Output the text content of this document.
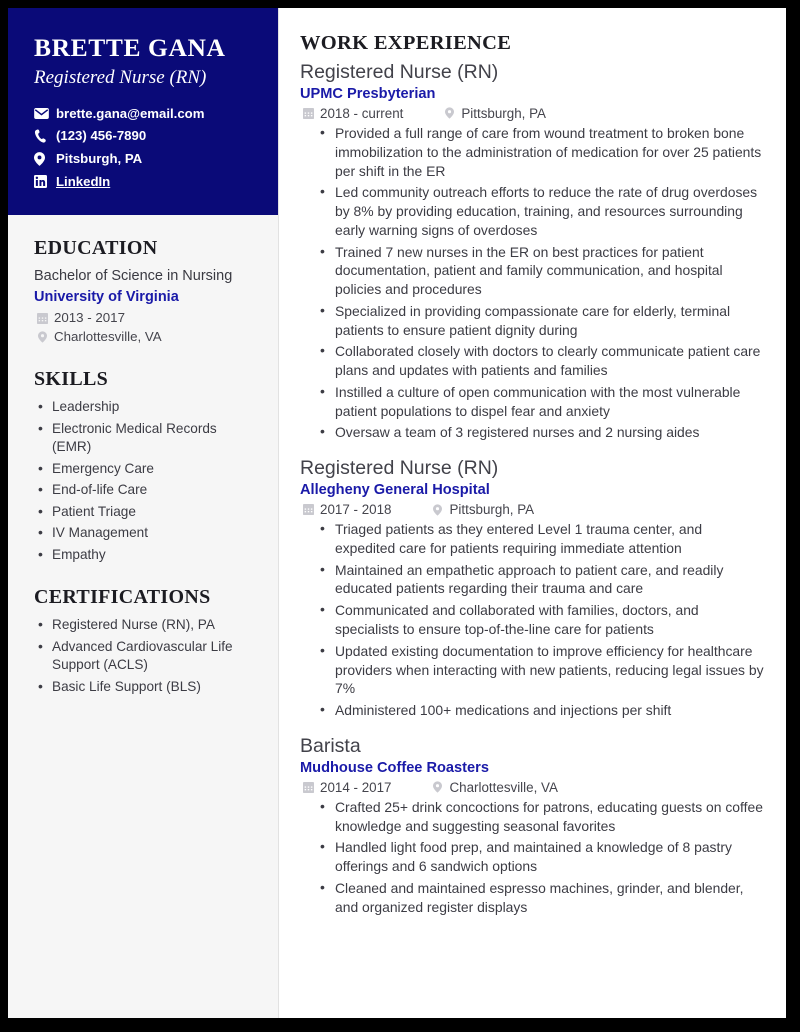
BRETTE GANA
Registered Nurse (RN)
brette.gana@email.com
(123) 456-7890
Pitsburgh, PA
LinkedIn
EDUCATION
Bachelor of Science in Nursing
University of Virginia
2013 - 2017
Charlottesville, VA
SKILLS
• Leadership
• Electronic Medical Records (EMR)
• Emergency Care
• End-of-life Care
• Patient Triage
• IV Management
• Empathy
CERTIFICATIONS
• Registered Nurse (RN), PA
• Advanced Cardiovascular Life Support (ACLS)
• Basic Life Support (BLS)
WORK EXPERIENCE
Registered Nurse (RN)
UPMC Presbyterian
2018 - current	Pittsburgh, PA
• Provided a full range of care from wound treatment to broken bone immobilization to the administration of medication for over 25 patients per shift in the ER
• Led community outreach efforts to reduce the rate of drug overdoses by 8% by providing education, training, and resources surrounding early warning signs of overdoses
• Trained 7 new nurses in the ER on best practices for patient documentation, patient and family communication, and hospital policies and procedures
• Specialized in providing compassionate care for elderly, terminal patients to ensure patient dignity during
• Collaborated closely with doctors to clearly communicate patient care plans and updates with patients and families
• Instilled a culture of open communication with the most vulnerable patient populations to dispel fear and anxiety
• Oversaw a team of 3 registered nurses and 2 nursing aides
Registered Nurse (RN)
Allegheny General Hospital
2017 - 2018	Pittsburgh, PA
• Triaged patients as they entered Level 1 trauma center, and expedited care for patients requiring immediate attention
• Maintained an empathetic approach to patient care, and readily educated patients regarding their trauma and care
• Communicated and collaborated with families, doctors, and specialists to ensure top-of-the-line care for patients
• Updated existing documentation to improve efficiency for healthcare providers when interacting with new patients, reducing legal issues by 7%
• Administered 100+ medications and injections per shift
Barista
Mudhouse Coffee Roasters
2014 - 2017	Charlottesville, VA
• Crafted 25+ drink concoctions for patrons, educating guests on coffee knowledge and suggesting seasonal favorites
• Handled light food prep, and maintained a knowledge of 8 pastry offerings and 6 sandwich options
• Cleaned and maintained espresso machines, grinder, and blender, and organized register displays
